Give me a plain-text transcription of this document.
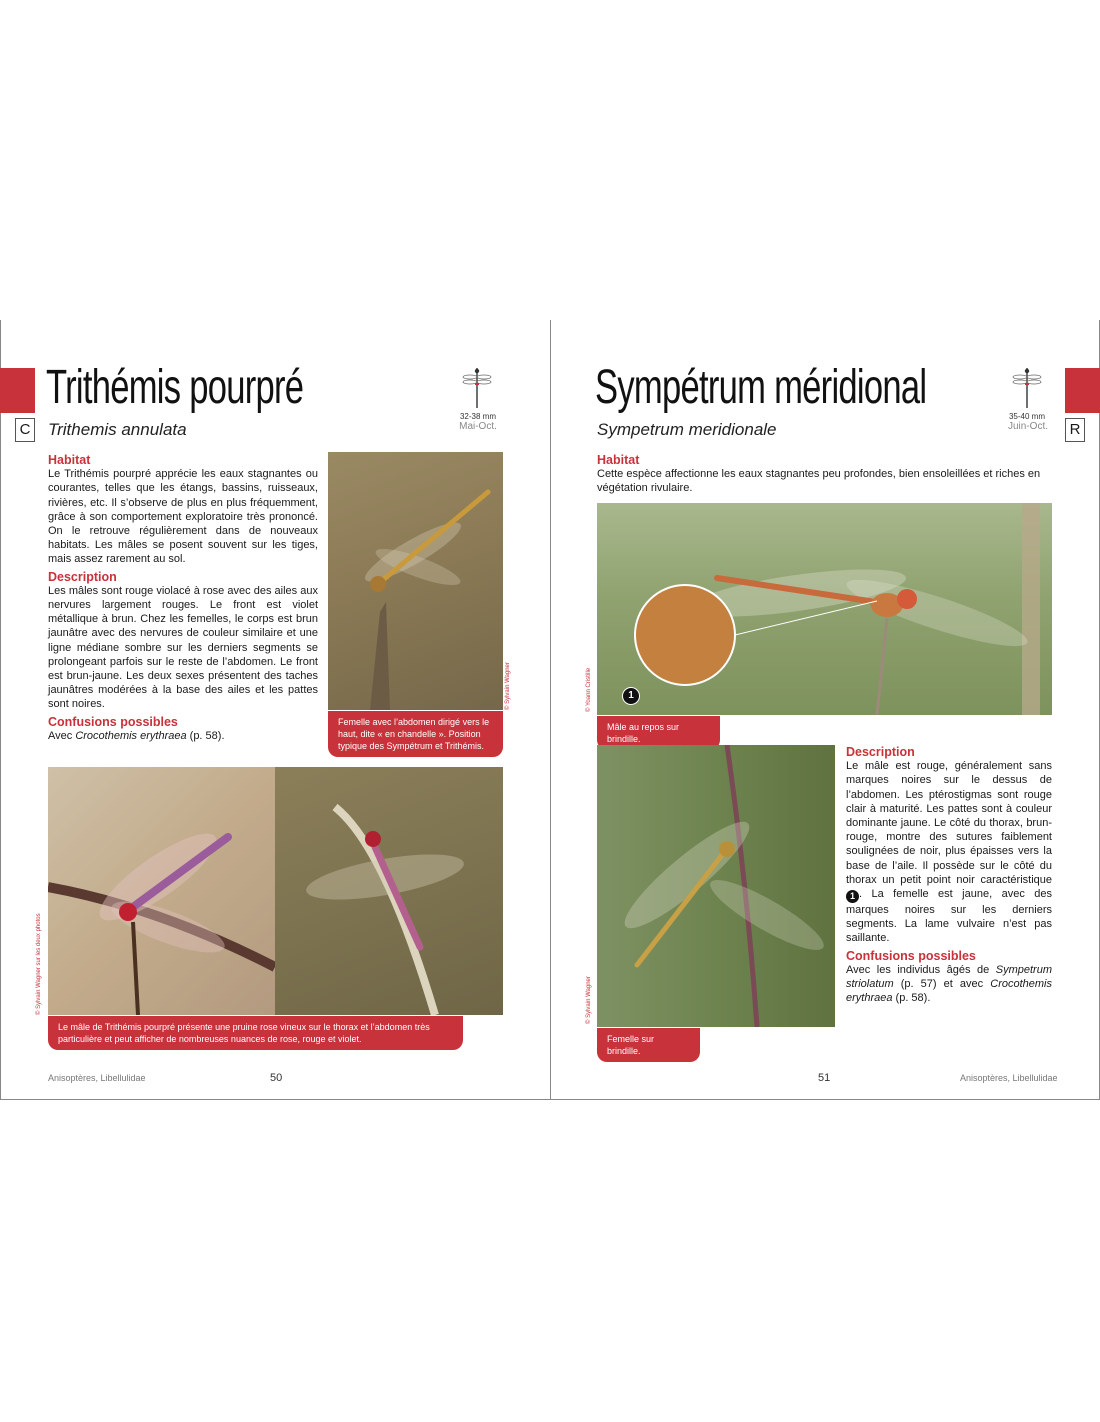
C
Trithémis pourpré
Trithemis annulata
32-38 mm
Mai-Oct.
Habitat

Le Trithémis pourpré apprécie les eaux stagnantes ou courantes, telles que les étangs, bassins, ruisseaux, rivières, etc. Il s’observe de plus en plus fréquemment, grâce à son comportement exploratoire très prononcé. On le retrouve régulièrement dans de nouveaux habitats. Les mâles se posent souvent sur les tiges, mais assez rarement au sol.

Description

Les mâles sont rouge violacé à rose avec des ailes aux nervures largement rouges. Le front est violet métallique à brun. Chez les femelles, le corps est brun jaunâtre avec des nervures de couleur similaire et une ligne médiane sombre sur les derniers segments se prolongeant parfois sur le reste de l’abdomen. Le front est brun-jaune. Les deux sexes présentent des taches jaunâtres modérées à la base des ailes et les pattes sont noires.

Confusions possibles

Avec Crocothemis erythraea (p. 58).

© Sylvain Wagner
Femelle avec l’abdomen dirigé vers le haut, dite « en chandelle ». Position typique des Sympétrum et Trithémis.
© Sylvain Wagner sur les deux photos
Le mâle de Trithémis pourpré présente une pruine rose vineux sur le thorax et l’abdomen très particulière et peut afficher de nombreuses nuances de rose, rouge et violet.
Anisoptères, Libellulidae	50
R
Sympétrum méridional
Sympetrum meridionale
35-40 mm
Juin-Oct.
Habitat

Cette espèce affectionne les eaux stagnantes peu profondes, bien ensoleillées et riches en végétation rivulaire.

1
© Yoann Cristille
Mâle au repos sur brindille.
© Sylvain Wagner
Femelle sur brindille.
Description

Le mâle est rouge, généralement sans marques noires sur le dessus de l’abdomen. Les ptérostigmas sont rouge clair à maturité. Les pattes sont à couleur dominante jaune. Le côté du thorax, brun-rouge, montre des sutures faiblement soulignées de noir, plus épaisses vers la base de l’aile. Il possède sur le côté du thorax un petit point noir caractéristique 1 . La femelle est jaune, avec des marques noires sur les derniers segments. La lame vulvaire n’est pas saillante.

Confusions possibles

Avec les individus âgés de Sympetrum striolatum (p. 57) et avec Crocothemis erythraea (p. 58).

51	Anisoptères, Libellulidae
